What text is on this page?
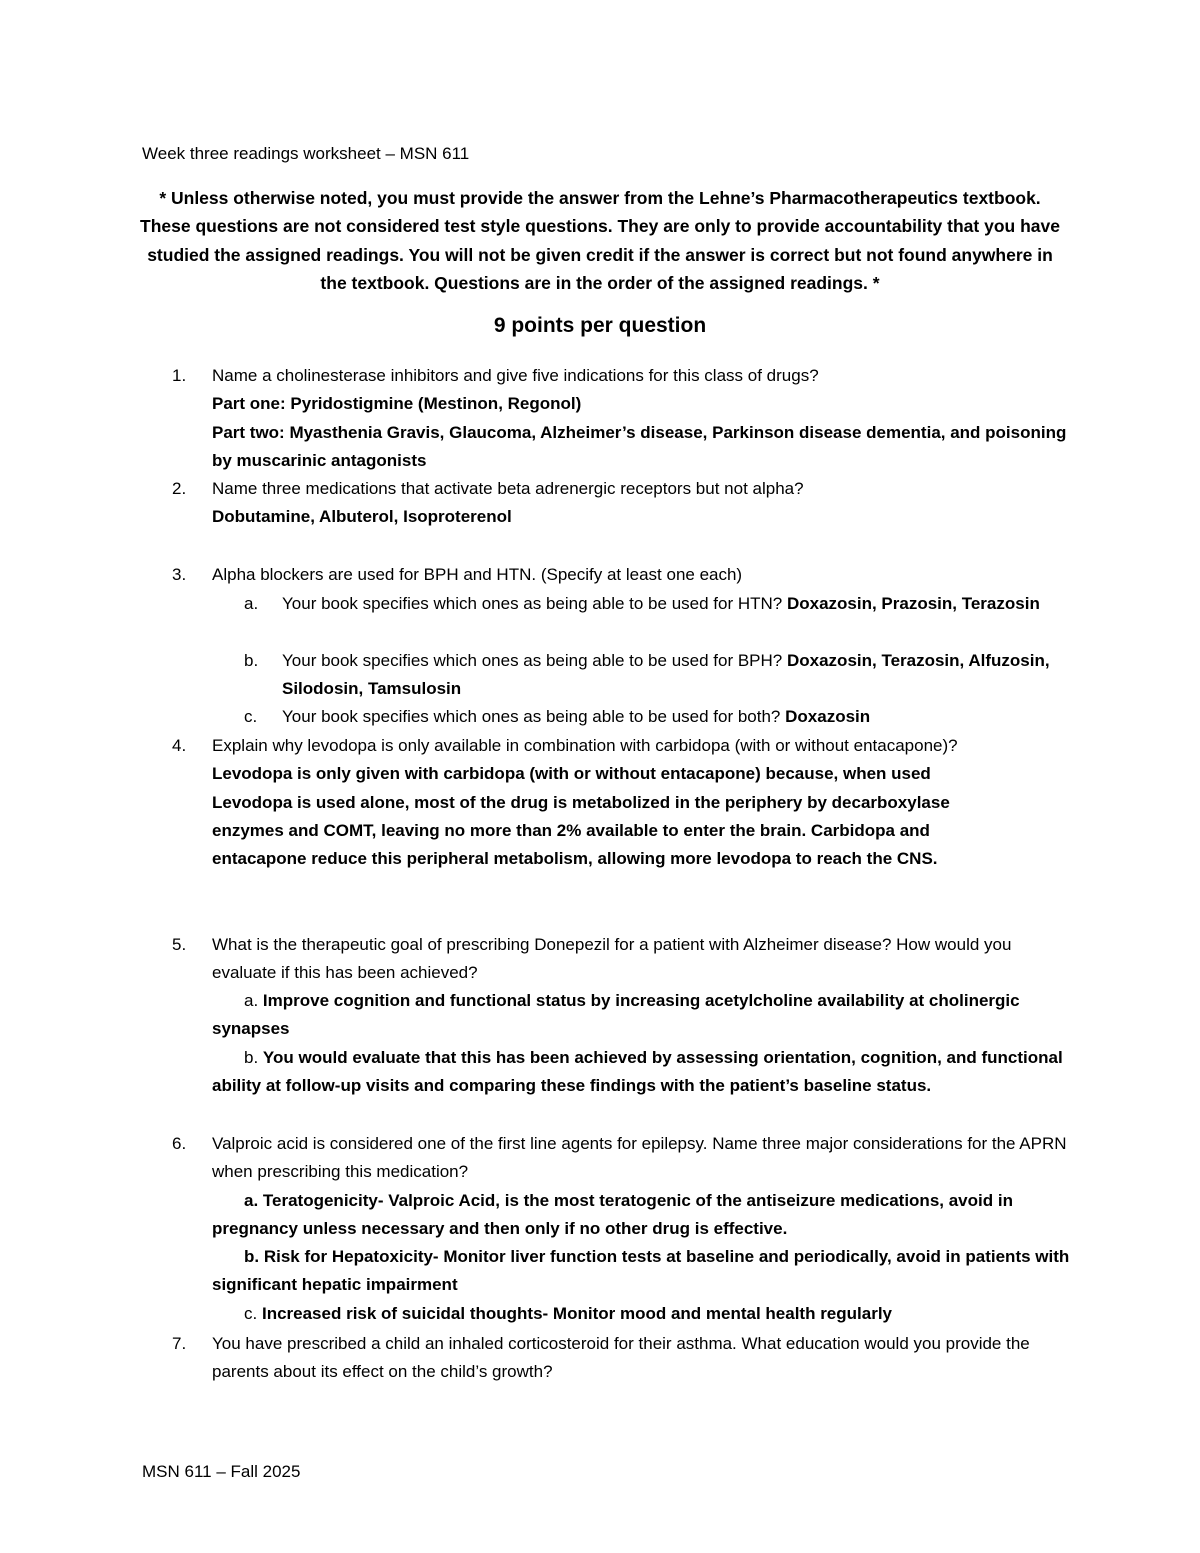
Week three readings worksheet – MSN 611
* Unless otherwise noted, you must provide the answer from the Lehne’s Pharmacotherapeutics textbook. These questions are not considered test style questions. They are only to provide accountability that you have studied the assigned readings. You will not be given credit if the answer is correct but not found anywhere in the textbook. Questions are in the order of the assigned readings. *
9 points per question
1.	Name a cholinesterase inhibitors and give five indications for this class of drugs?
Part one: Pyridostigmine (Mestinon, Regonol)
Part two: Myasthenia Gravis, Glaucoma, Alzheimer’s disease, Parkinson disease dementia, and poisoning by muscarinic antagonists
2.	Name three medications that activate beta adrenergic receptors but not alpha?
Dobutamine, Albuterol, Isoproterenol
3.	Alpha blockers are used for BPH and HTN. (Specify at least one each)
a. Your book specifies which ones as being able to be used for HTN? Doxazosin, Prazosin, Terazosin
b. Your book specifies which ones as being able to be used for BPH? Doxazosin, Terazosin, Alfuzosin, Silodosin, Tamsulosin
c. Your book specifies which ones as being able to be used for both? Doxazosin
4.	Explain why levodopa is only available in combination with carbidopa (with or without entacapone)?
Levodopa is only given with carbidopa (with or without entacapone) because, when used Levodopa is used alone, most of the drug is metabolized in the periphery by decarboxylase enzymes and COMT, leaving no more than 2% available to enter the brain. Carbidopa and entacapone reduce this peripheral metabolism, allowing more levodopa to reach the CNS.
5.	What is the therapeutic goal of prescribing Donepezil for a patient with Alzheimer disease? How would you evaluate if this has been achieved?
a. Improve cognition and functional status by increasing acetylcholine availability at cholinergic synapses
b. You would evaluate that this has been achieved by assessing orientation, cognition, and functional ability at follow-up visits and comparing these findings with the patient’s baseline status.
6.	Valproic acid is considered one of the first line agents for epilepsy. Name three major considerations for the APRN when prescribing this medication?
a. Teratogenicity- Valproic Acid, is the most teratogenic of the antiseizure medications, avoid in pregnancy unless necessary and then only if no other drug is effective.
b. Risk for Hepatoxicity- Monitor liver function tests at baseline and periodically, avoid in patients with significant hepatic impairment
c. Increased risk of suicidal thoughts- Monitor mood and mental health regularly
7.	You have prescribed a child an inhaled corticosteroid for their asthma. What education would you provide the parents about its effect on the child’s growth?
MSN 611 – Fall 2025
